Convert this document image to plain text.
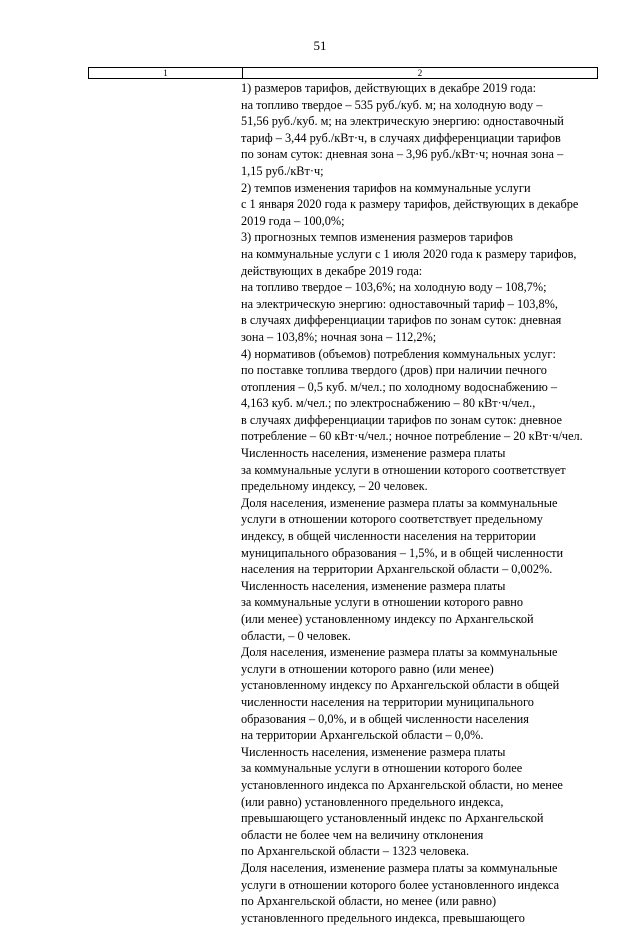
51
1	2
1) размеров тарифов, действующих в декабре 2019 года:
на топливо твердое – 535 руб./куб. м; на холодную воду –
51,56 руб./куб. м; на электрическую энергию: одноставочный
тариф – 3,44 руб./кВт·ч, в случаях дифференциации тарифов
по зонам суток: дневная зона – 3,96 руб./кВт·ч; ночная зона –
1,15 руб./кВт·ч;
2) темпов изменения тарифов на коммунальные услуги
с 1 января 2020 года к размеру тарифов, действующих в декабре
2019 года – 100,0%;
3) прогнозных темпов изменения размеров тарифов
на коммунальные услуги с 1 июля 2020 года к размеру тарифов,
действующих в декабре 2019 года:
на топливо твердое – 103,6%; на холодную воду – 108,7%;
на электрическую энергию: одноставочный тариф – 103,8%,
в случаях дифференциации тарифов по зонам суток: дневная
зона – 103,8%; ночная зона – 112,2%;
4) нормативов (объемов) потребления коммунальных услуг:
по поставке топлива твердого (дров) при наличии печного
отопления – 0,5 куб. м/чел.; по холодному водоснабжению –
4,163 куб. м/чел.; по электроснабжению – 80 кВт·ч/чел.,
в случаях дифференциации тарифов по зонам суток: дневное
потребление – 60 кВт·ч/чел.; ночное потребление – 20 кВт·ч/чел.
Численность населения, изменение размера платы
за коммунальные услуги в отношении которого соответствует
предельному индексу, – 20 человек.
Доля населения, изменение размера платы за коммунальные
услуги в отношении которого соответствует предельному
индексу, в общей численности населения на территории
муниципального образования – 1,5%, и в общей численности
населения на территории Архангельской области – 0,002%.
Численность населения, изменение размера платы
за коммунальные услуги в отношении которого равно
(или менее) установленному индексу по Архангельской
области, – 0 человек.
Доля населения, изменение размера платы за коммунальные
услуги в отношении которого равно (или менее)
установленному индексу по Архангельской области в общей
численности населения на территории муниципального
образования – 0,0%, и в общей численности населения
на территории Архангельской области – 0,0%.
Численность населения, изменение размера платы
за коммунальные услуги в отношении которого более
установленного индекса по Архангельской области, но менее
(или равно) установленного предельного индекса,
превышающего установленный индекс по Архангельской
области не более чем на величину отклонения
по Архангельской области – 1323 человека.
Доля населения, изменение размера платы за коммунальные
услуги в отношении которого более установленного индекса
по Архангельской области, но менее (или равно)
установленного предельного индекса, превышающего
